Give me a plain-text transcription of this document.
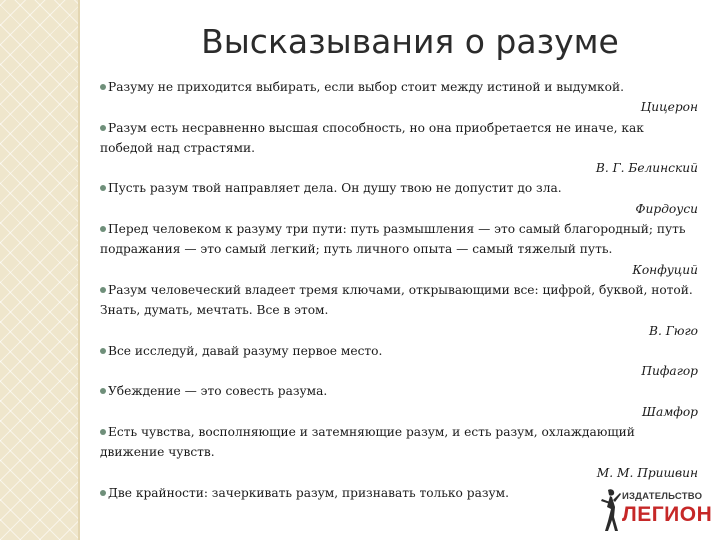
Высказывания о разуме

Разуму не приходится выбирать, если выбор стоит между истиной и выдумкой.

Цицерон

Разум есть несравненно высшая способность, но она приобретается не иначе, как победой над страстями.

В. Г. Белинский

Пусть разум твой направляет дела. Он душу твою не допустит до зла.

Фирдоуси

Перед человеком к разуму три пути: путь размышления — это самый благородный; путь подражания — это самый легкий; путь личного опыта — самый тяжелый путь.

Конфуций

Разум человеческий владеет тремя ключами, открывающими все: цифрой, буквой, нотой. Знать, думать, мечтать. Все в этом.

В. Гюго

Все исследуй, давай разуму первое место.

Пифагор

Убеждение — это совесть разума.

Шамфор

Есть чувства, восполняющие и затемняющие разум, и есть разум, охлаждающий движение чувств.

М. М. Пришвин

Две крайности: зачеркивать разум, признавать только разум.	ИЗДАТЕЛЬСТВО
ЛЕГИОН
